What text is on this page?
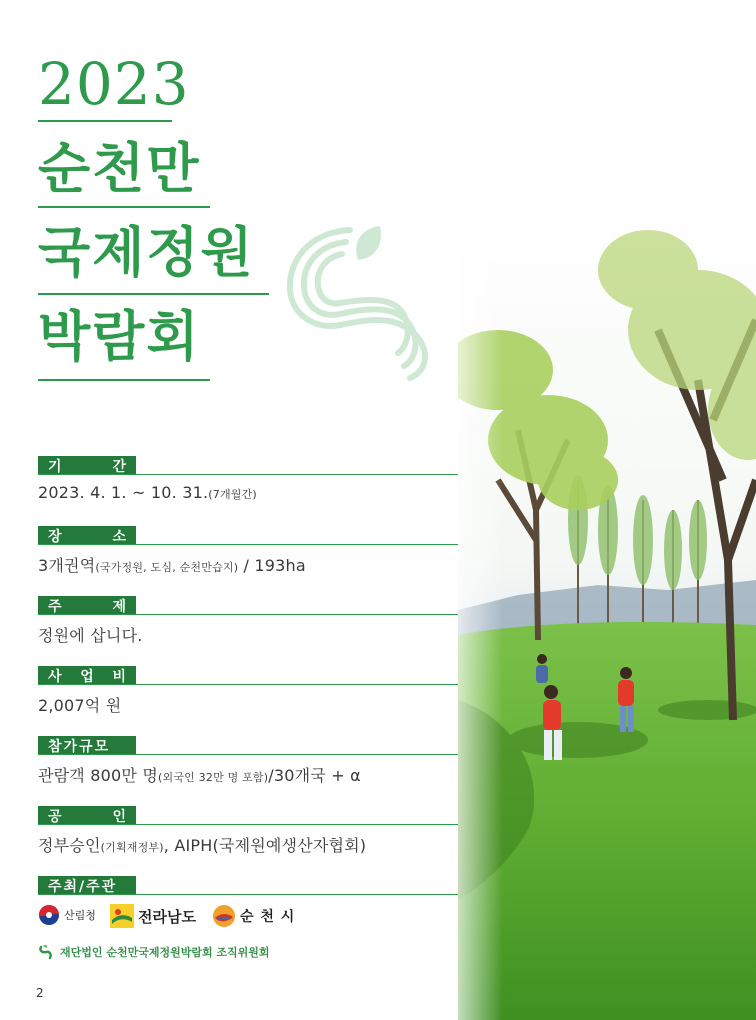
2023
순천만
국제정원
박람회
기	간
2023. 4. 1. ~ 10. 31.(7개월간)
장	소
3개권역(국가정원, 도심, 순천만습지) / 193ha
주	제
정원에 삽니다.
사 업 비
2,007억 원
참가규모
관람객 800만 명(외국인 32만 명 포함)/30개국 + α
공	인
정부승인(기획재정부), AIPH(국제원예생산자협회)
주최/주관
산림청	전라남도	순 천 시
재단법인 순천만국제정원박람회 조직위원회
2
